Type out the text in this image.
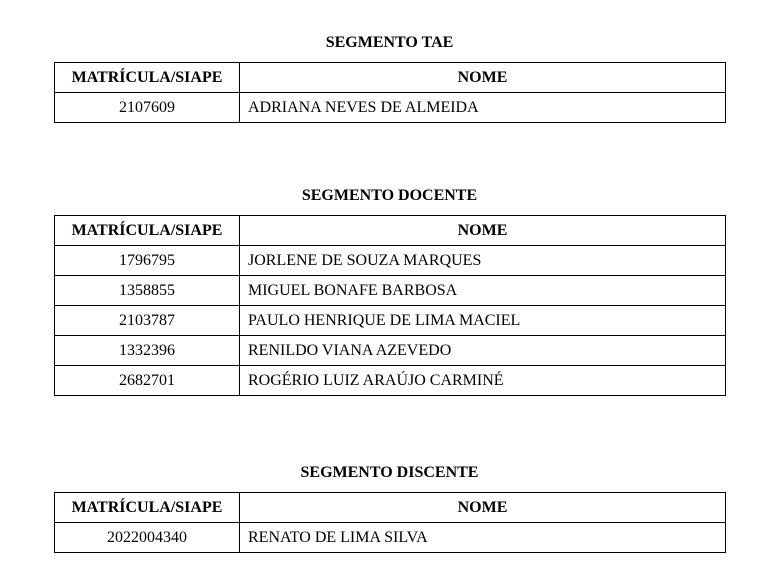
SEGMENTO TAE
MATRÍCULA/SIAPE	NOME
2107609	ADRIANA NEVES DE ALMEIDA
SEGMENTO DOCENTE
MATRÍCULA/SIAPE	NOME
1796795	JORLENE DE SOUZA MARQUES
1358855	MIGUEL BONAFE BARBOSA
2103787	PAULO HENRIQUE DE LIMA MACIEL
1332396	RENILDO VIANA AZEVEDO
2682701	ROGÉRIO LUIZ ARAÚJO CARMINÉ
SEGMENTO DISCENTE
MATRÍCULA/SIAPE	NOME
2022004340	RENATO DE LIMA SILVA
